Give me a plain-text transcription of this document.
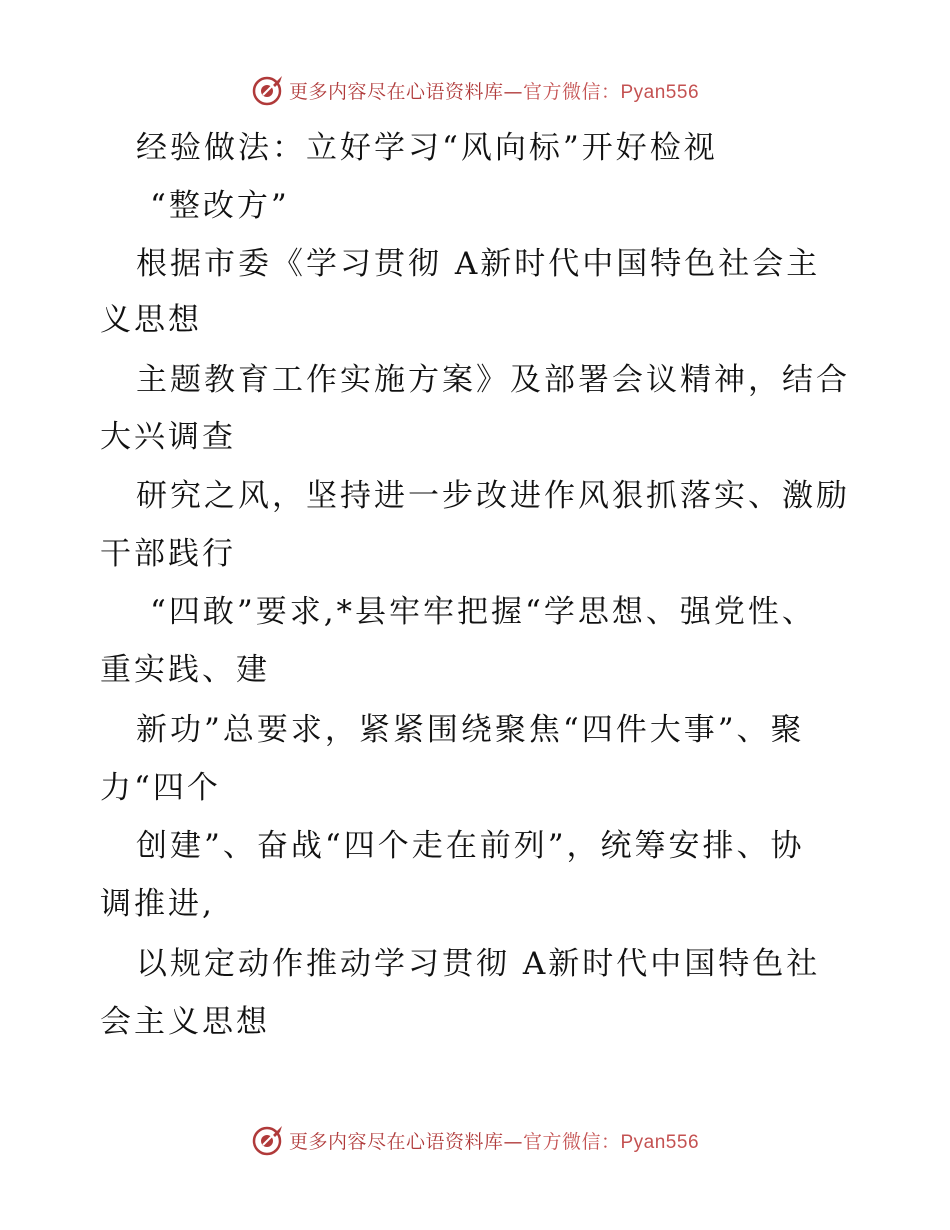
更多内容尽在心语资料库—官方微信：Pyan556
经验做法：立好学习“风向标”开好检视
“整改方”
根据市委《学习贯彻 A新时代中国特色社会主
义思想
主题教育工作实施方案》及部署会议精神，结合
大兴调查
研究之风，坚持进一步改进作风狠抓落实、激励
干部践行
“四敢”要求,*县牢牢把握“学思想、强党性、
重实践、建
新功”总要求，紧紧围绕聚焦“四件大事”、聚
力“四个
创建”、奋战“四个走在前列”，统筹安排、协
调推进,
以规定动作推动学习贯彻 A新时代中国特色社
会主义思想
更多内容尽在心语资料库—官方微信：Pyan556
